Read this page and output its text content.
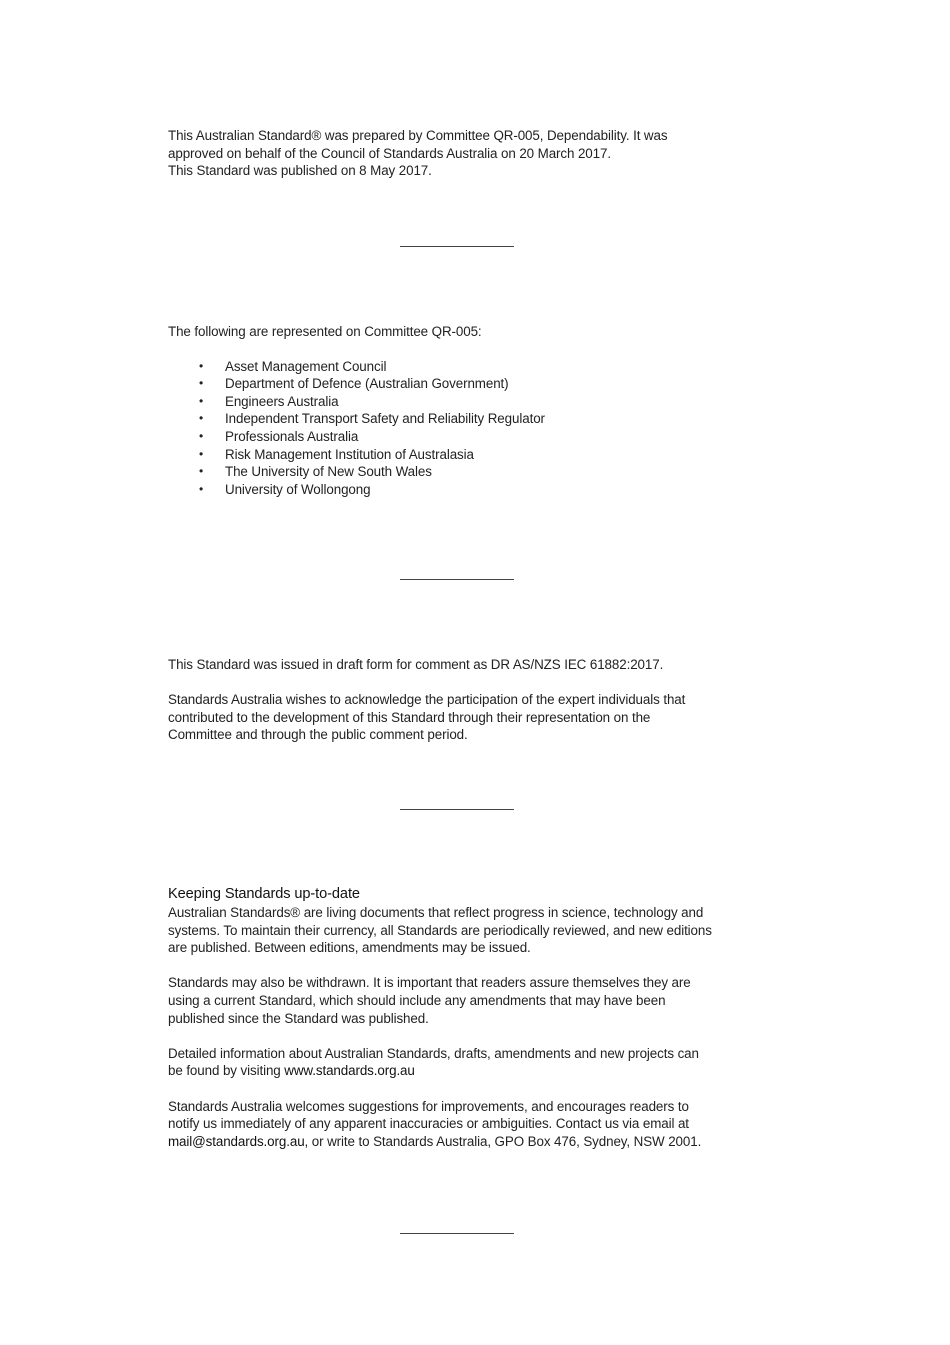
This Australian Standard® was prepared by Committee QR-005, Dependability. It was
approved on behalf of the Council of Standards Australia on 20 March 2017.
This Standard was published on 8 May 2017.

The following are represented on Committee QR-005:

• Asset Management Council
• Department of Defence (Australian Government)
• Engineers Australia
• Independent Transport Safety and Reliability Regulator
• Professionals Australia
• Risk Management Institution of Australasia
• The University of New South Wales
• University of Wollongong

This Standard was issued in draft form for comment as DR AS/NZS IEC 61882:2017.

Standards Australia wishes to acknowledge the participation of the expert individuals that
contributed to the development of this Standard through their representation on the
Committee and through the public comment period.

Keeping Standards up-to-date

Australian Standards® are living documents that reflect progress in science, technology and
systems. To maintain their currency, all Standards are periodically reviewed, and new editions
are published. Between editions, amendments may be issued.

Standards may also be withdrawn. It is important that readers assure themselves they are
using a current Standard, which should include any amendments that may have been
published since the Standard was published.

Detailed information about Australian Standards, drafts, amendments and new projects can
be found by visiting www.standards.org.au

Standards Australia welcomes suggestions for improvements, and encourages readers to
notify us immediately of any apparent inaccuracies or ambiguities. Contact us via email at
mail@standards.org.au, or write to Standards Australia, GPO Box 476, Sydney, NSW 2001.
